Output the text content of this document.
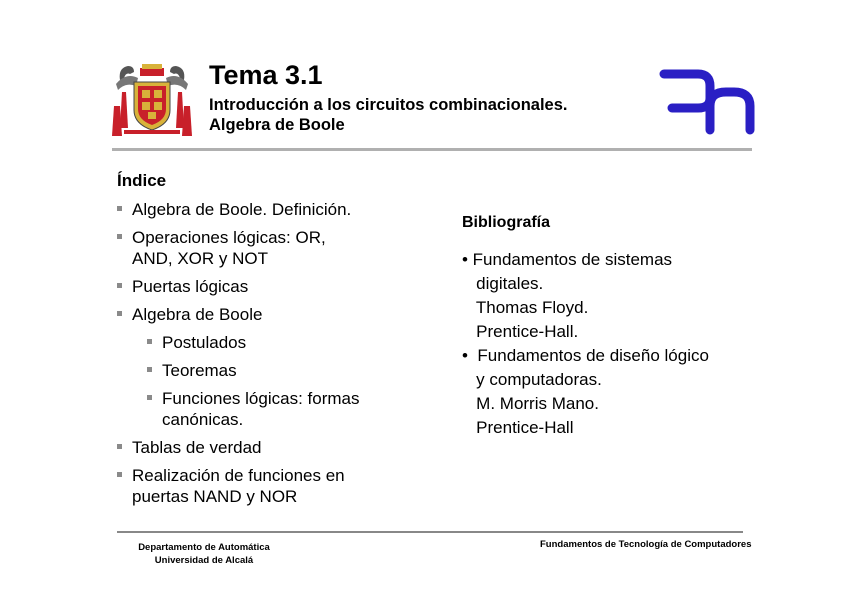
Tema 3.1
Introducción a los circuitos combinacionales.
Algebra de Boole
Índice
Algebra de Boole. Definición.
Operaciones lógicas: OR,
AND, XOR y NOT
Puertas lógicas
Algebra de Boole
Postulados
Teoremas
Funciones lógicas: formas
canónicas.
Tablas de verdad
Realización de funciones en
puertas NAND y NOR
Bibliografía
• Fundamentos de sistemas
digitales.
Thomas Floyd.
Prentice-Hall.
•  Fundamentos de diseño lógico
y computadoras.
M. Morris Mano.
Prentice-Hall
Departamento de Automática
Universidad de Alcalá
Fundamentos de Tecnología de Computadores
